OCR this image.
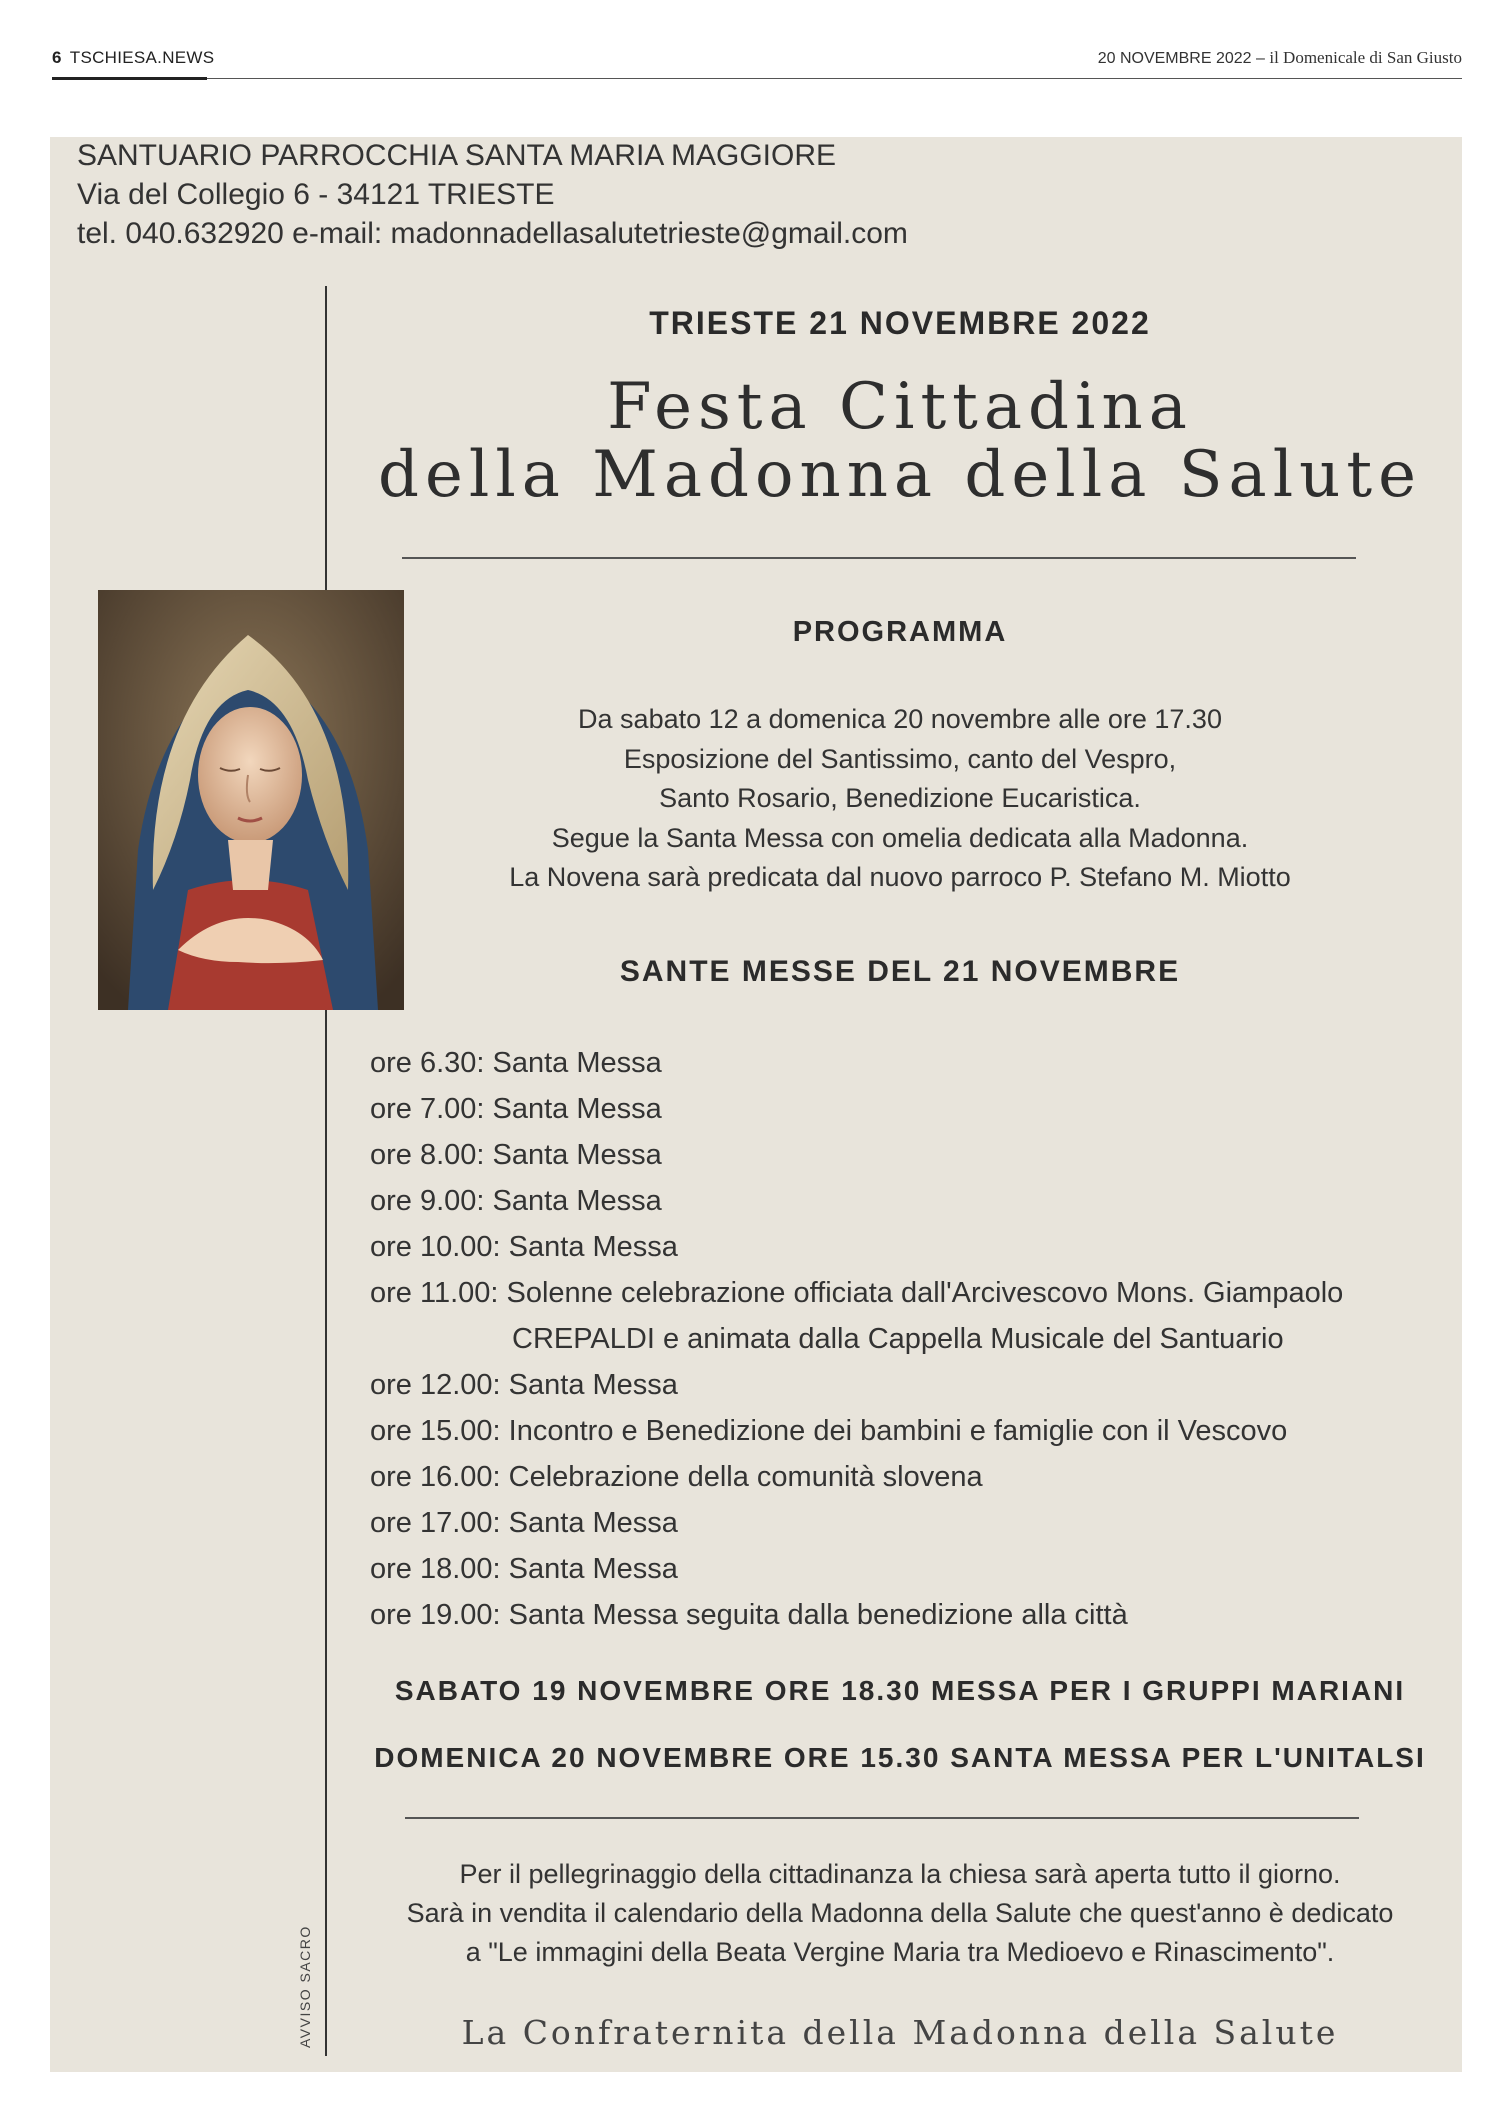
6 TSCHIESA.NEWS	20 NOVEMBRE 2022 – il Domenicale di San Giusto
SANTUARIO PARROCCHIA SANTA MARIA MAGGIORE
Via del Collegio 6 - 34121 TRIESTE
tel. 040.632920 e-mail: madonnadellasalutetrieste@gmail.com
TRIESTE 21 NOVEMBRE 2022
Festa Cittadina
della Madonna della Salute
PROGRAMMA
Da sabato 12 a domenica 20 novembre alle ore 17.30
Esposizione del Santissimo, canto del Vespro,
Santo Rosario, Benedizione Eucaristica.
Segue la Santa Messa con omelia dedicata alla Madonna.
La Novena sarà predicata dal nuovo parroco P. Stefano M. Miotto
SANTE MESSE DEL 21 NOVEMBRE
ore 6.30: Santa Messa
ore 7.00: Santa Messa
ore 8.00: Santa Messa
ore 9.00: Santa Messa
ore 10.00: Santa Messa
ore 11.00: Solenne celebrazione officiata dall'Arcivescovo Mons. Giampaolo
CREPALDI e animata dalla Cappella Musicale del Santuario
ore 12.00: Santa Messa
ore 15.00: Incontro e Benedizione dei bambini e famiglie con il Vescovo
ore 16.00: Celebrazione della comunità slovena
ore 17.00: Santa Messa
ore 18.00: Santa Messa
ore 19.00: Santa Messa seguita dalla benedizione alla città
SABATO 19 NOVEMBRE ORE 18.30 MESSA PER I GRUPPI MARIANI
DOMENICA 20 NOVEMBRE ORE 15.30 SANTA MESSA PER L'UNITALSI
Per il pellegrinaggio della cittadinanza la chiesa sarà aperta tutto il giorno.
Sarà in vendita il calendario della Madonna della Salute che quest'anno è dedicato
a "Le immagini della Beata Vergine Maria tra Medioevo e Rinascimento".
La Confraternita della Madonna della Salute
AVVISO SACRO
